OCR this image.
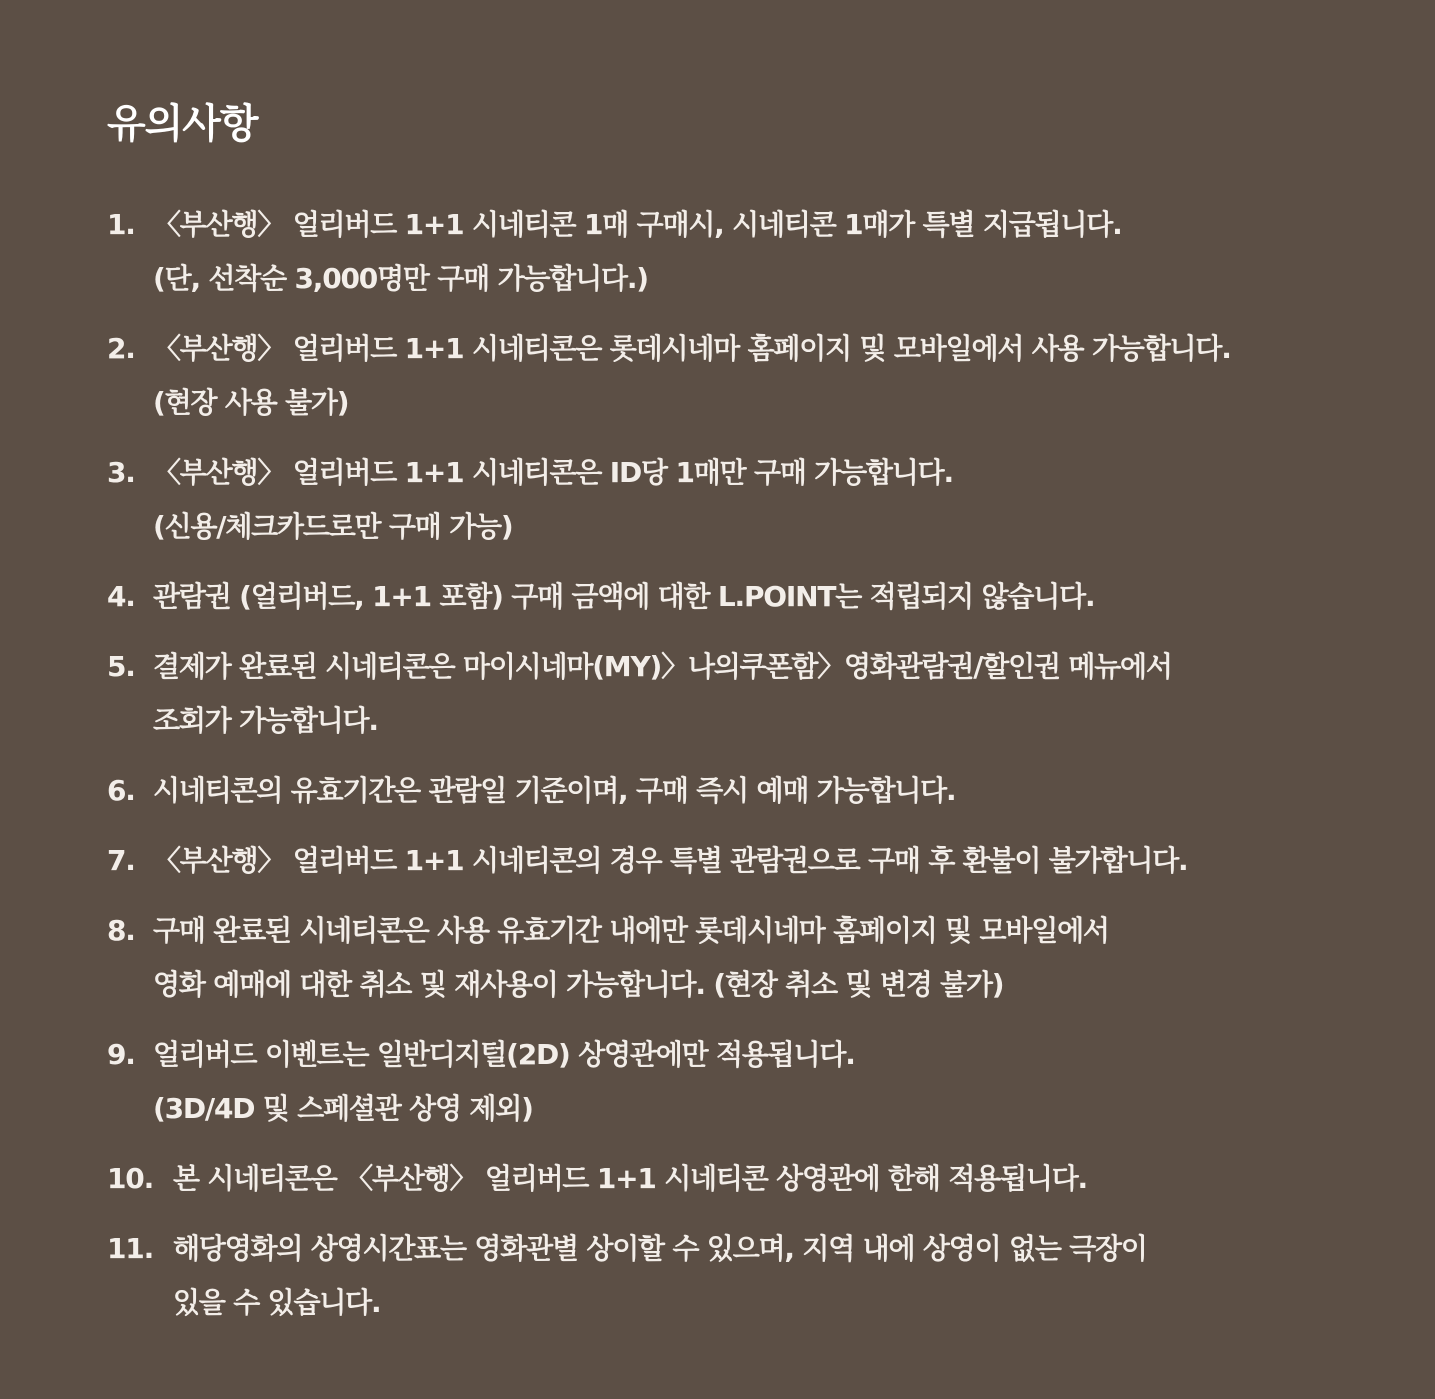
유의사항
1. 〈부산행〉 얼리버드 1+1 시네티콘 1매 구매시, 시네티콘 1매가 특별 지급됩니다.
(단, 선착순 3,000명만 구매 가능합니다.)
2. 〈부산행〉 얼리버드 1+1 시네티콘은 롯데시네마 홈페이지 및 모바일에서 사용 가능합니다.
(현장 사용 불가)
3. 〈부산행〉 얼리버드 1+1 시네티콘은 ID당 1매만 구매 가능합니다.
(신용/체크카드로만 구매 가능)
4. 관람권 (얼리버드, 1+1 포함) 구매 금액에 대한 L.POINT는 적립되지 않습니다.
5. 결제가 완료된 시네티콘은 마이시네마(MY)〉나의쿠폰함〉영화관람권/할인권 메뉴에서
조회가 가능합니다.
6. 시네티콘의 유효기간은 관람일 기준이며, 구매 즉시 예매 가능합니다.
7. 〈부산행〉 얼리버드 1+1 시네티콘의 경우 특별 관람권으로 구매 후 환불이 불가합니다.
8. 구매 완료된 시네티콘은 사용 유효기간 내에만 롯데시네마 홈페이지 및 모바일에서
영화 예매에 대한 취소 및 재사용이 가능합니다. (현장 취소 및 변경 불가)
9. 얼리버드 이벤트는 일반디지털(2D) 상영관에만 적용됩니다.
(3D/4D 및 스페셜관 상영 제외)
10. 본 시네티콘은 〈부산행〉 얼리버드 1+1 시네티콘 상영관에 한해 적용됩니다.
11. 해당영화의 상영시간표는 영화관별 상이할 수 있으며, 지역 내에 상영이 없는 극장이
있을 수 있습니다.
